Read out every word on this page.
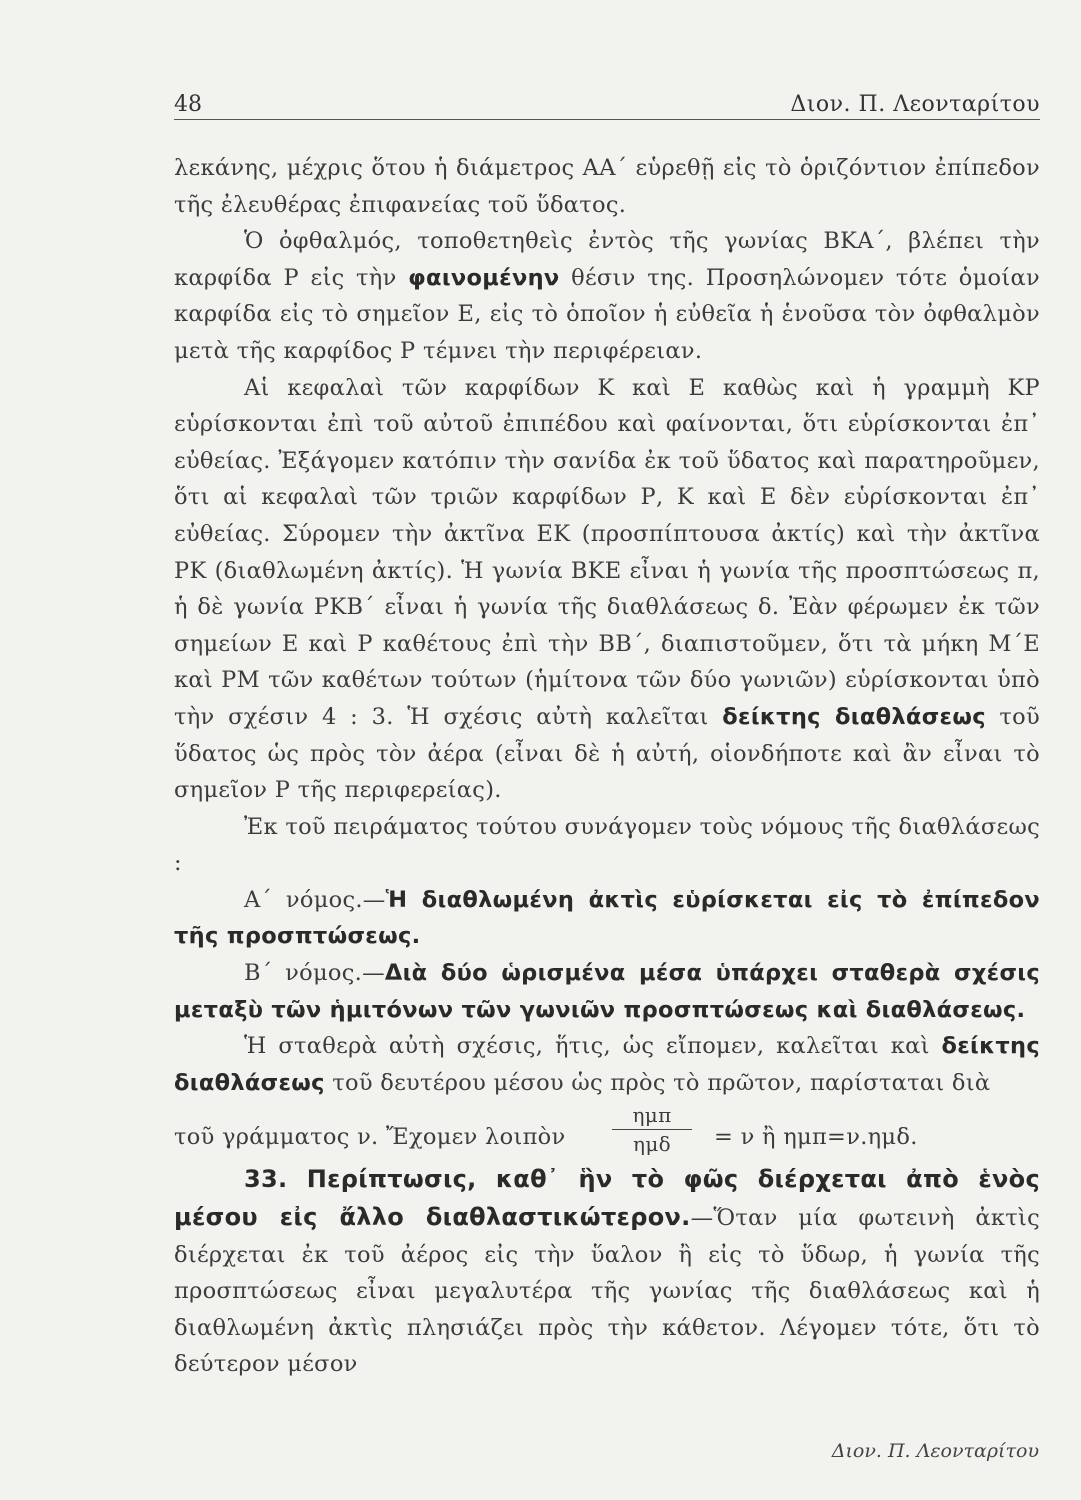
48	Διον. Π. Λεονταρίτου

λεκάνης, μέχρις ὅτου ἡ διάμετρος ΑΑ΄ εὑρεθῇ εἰς τὸ ὁριζόντιον ἐπίπεδον τῆς ἐλευθέρας ἐπιφανείας τοῦ ὕδατος.

Ὁ ὀφθαλμός, τοποθετηθεὶς ἐντὸς τῆς γωνίας ΒΚΑ΄, βλέπει τὴν καρφίδα Ρ εἰς τὴν φαινομένην θέσιν της. Προσηλώνομεν τότε ὁμοίαν καρφίδα εἰς τὸ σημεῖον Ε, εἰς τὸ ὁποῖον ἡ εὐθεῖα ἡ ἑνοῦσα τὸν ὀφθαλμὸν μετὰ τῆς καρφίδος Ρ τέμνει τὴν περιφέρειαν.

Αἱ κεφαλαὶ τῶν καρφίδων Κ καὶ Ε καθὼς καὶ ἡ γραμμὴ ΚΡ εὑρίσκονται ἐπὶ τοῦ αὐτοῦ ἐπιπέδου καὶ φαίνονται, ὅτι εὑρίσκονται ἐπ᾿ εὐθείας. Ἐξάγομεν κατόπιν τὴν σανίδα ἐκ τοῦ ὕδατος καὶ παρατηροῦμεν, ὅτι αἱ κεφαλαὶ τῶν τριῶν καρφίδων Ρ, Κ καὶ Ε δὲν εὑρίσκονται ἐπ᾿ εὐθείας. Σύρομεν τὴν ἀκτῖνα ΕΚ (προσπίπτουσα ἀκτίς) καὶ τὴν ἀκτῖνα ΡΚ (διαθλωμένη ἀκτίς). Ἡ γωνία ΒΚΕ εἶναι ἡ γωνία τῆς προσπτώσεως π, ἡ δὲ γωνία ΡΚΒ΄ εἶναι ἡ γωνία τῆς διαθλάσεως δ. Ἐὰν φέρωμεν ἐκ τῶν σημείων Ε καὶ Ρ καθέτους ἐπὶ τὴν ΒΒ΄, διαπιστοῦμεν, ὅτι τὰ μήκη Μ΄Ε καὶ ΡΜ τῶν καθέτων τούτων (ἡμίτονα τῶν δύο γωνιῶν) εὑρίσκονται ὑπὸ τὴν σχέσιν 4 : 3. Ἡ σχέσις αὐτὴ καλεῖται δείκτης διαθλάσεως τοῦ ὕδατος ὡς πρὸς τὸν ἀέρα (εἶναι δὲ ἡ αὐτή, οἱονδήποτε καὶ ἂν εἶναι τὸ σημεῖον Ρ τῆς περιφερείας).

Ἐκ τοῦ πειράματος τούτου συνάγομεν τοὺς νόμους τῆς διαθλάσεως :

Α΄ νόμος.—Ἡ διαθλωμένη ἀκτὶς εὑρίσκεται εἰς τὸ ἐπίπεδον τῆς προσπτώσεως.

Β΄ νόμος.—Διὰ δύο ὡρισμένα μέσα ὑπάρχει σταθερὰ σχέσις μεταξὺ τῶν ἡμιτόνων τῶν γωνιῶν προσπτώσεως καὶ διαθλάσεως.

Ἡ σταθερὰ αὐτὴ σχέσις, ἥτις, ὡς εἴπομεν, καλεῖται καὶ δείκτης διαθλάσεως τοῦ δευτέρου μέσου ὡς πρὸς τὸ πρῶτον, παρίσταται διὰ

τοῦ γράμματος ν. Ἔχομεν λοιπὸν
ημπ
ημδ	= ν ἢ ημπ=ν.ημδ.

33. Περίπτωσις, καθ᾿ ἣν τὸ φῶς διέρχεται ἀπὸ ἑνὸς μέσου εἰς ἄλλο διαθλαστικώτερον.—Ὅταν μία φωτεινὴ ἀκτὶς διέρχεται ἐκ τοῦ ἀέρος εἰς τὴν ὕαλον ἢ εἰς τὸ ὕδωρ, ἡ γωνία τῆς προσπτώσεως εἶναι μεγαλυτέρα τῆς γωνίας τῆς διαθλάσεως καὶ ἡ διαθλωμένη ἀκτὶς πλησιάζει πρὸς τὴν κάθετον. Λέγομεν τότε, ὅτι τὸ δεύτερον μέσον

Διον. Π. Λεονταρίτου
